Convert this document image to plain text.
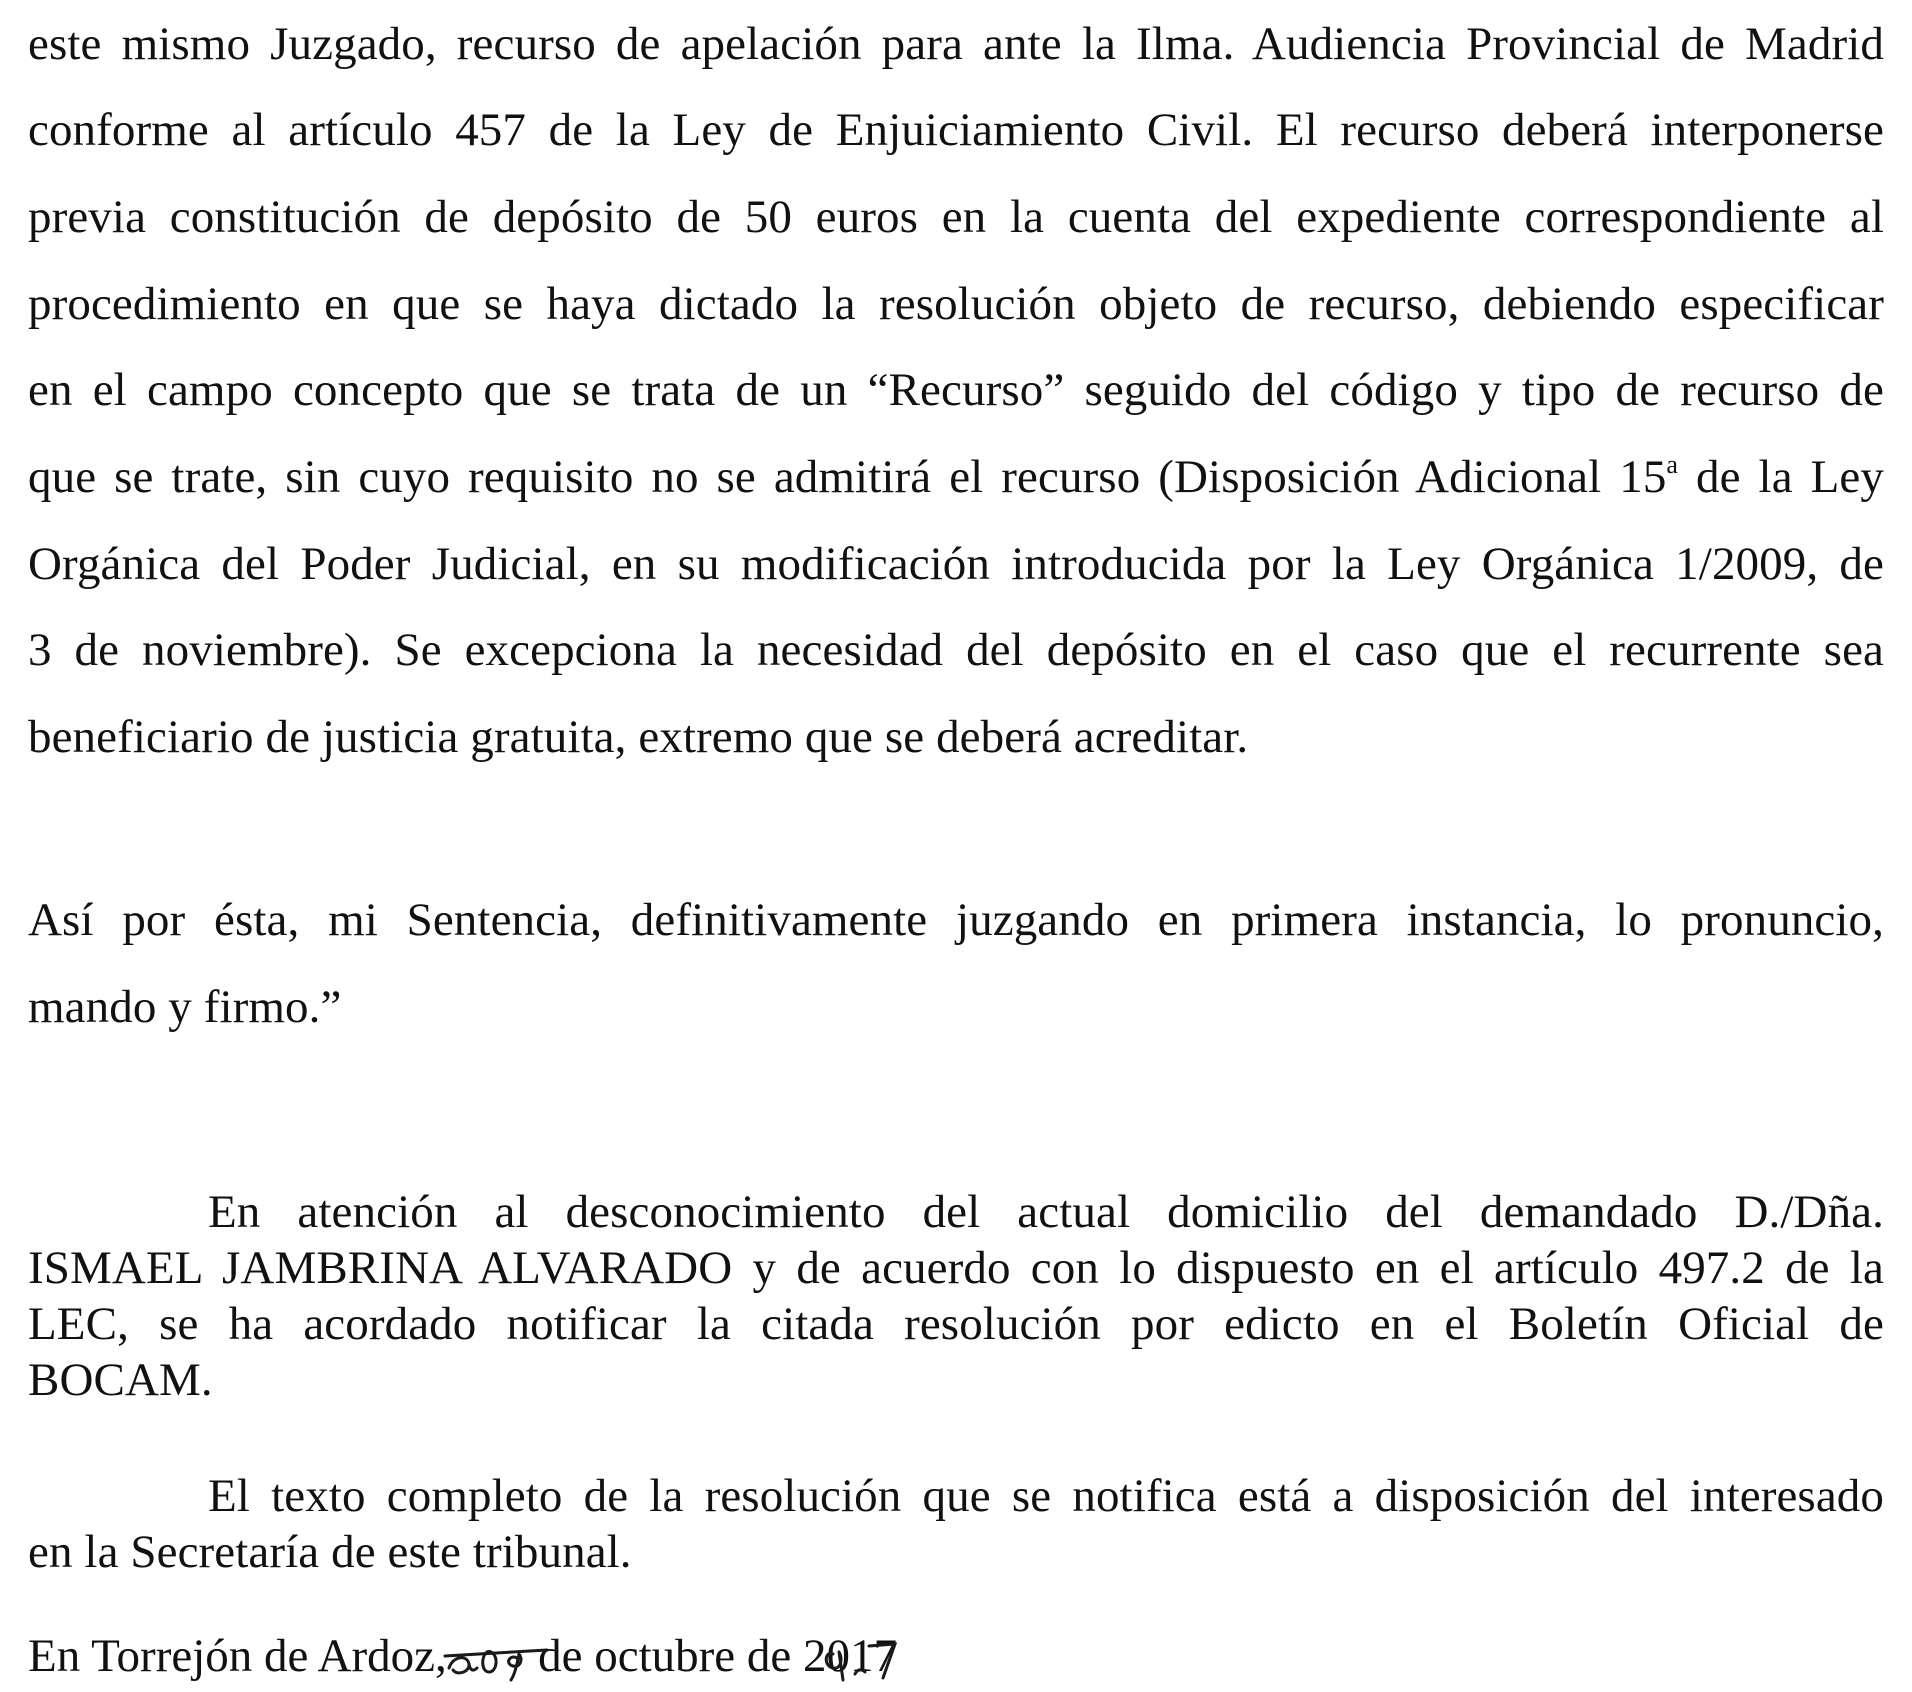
este mismo Juzgado, recurso de apelación para ante la Ilma. Audiencia Provincial de Madrid
conforme al artículo 457 de la Ley de Enjuiciamiento Civil. El recurso deberá interponerse
previa constitución de depósito de 50 euros en la cuenta del expediente correspondiente al
procedimiento en que se haya dictado la resolución objeto de recurso, debiendo especificar
en el campo concepto que se trata de un “Recurso” seguido del código y tipo de recurso de
que se trate, sin cuyo requisito no se admitirá el recurso (Disposición Adicional 15$^a$ de la Ley
Orgánica del Poder Judicial, en su modificación introducida por la Ley Orgánica 1/2009, de
3 de noviembre). Se excepciona la necesidad del depósito en el caso que el recurrente sea
beneficiario de justicia gratuita, extremo que se deberá acreditar.
Así por ésta, mi Sentencia, definitivamente juzgando en primera instancia, lo pronuncio,
mando y firmo.”
En atención al desconocimiento del actual domicilio del demandado D./Dña.
ISMAEL JAMBRINA ALVARADO y de acuerdo con lo dispuesto en el artículo 497.2 de la
LEC, se ha acordado notificar la citada resolución por edicto en el Boletín Oficial de
BOCAM.
El texto completo de la resolución que se notifica está a disposición del interesado
en la Secretaría de este tribunal.
En Torrejón de Ardoz,
de octubre de 2017
